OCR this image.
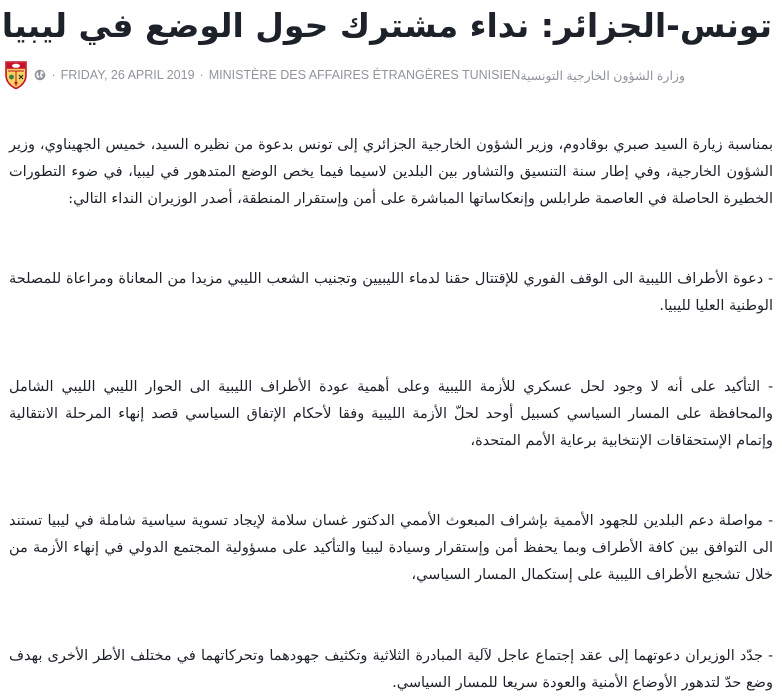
تونس-الجزائر: نداء مشترك حول الوضع في ليبيا
· FRIDAY, 26 APRIL 2019 · MINISTÈRE DES AFFAIRES ÉTRANGÈRES TUNISIEN وزارة الشؤون الخارجية التونسية

بمناسبة زيارة السيد صبري بوقادوم، وزير الشؤون الخارجية الجزائري إلى تونس بدعوة من نظيره السيد، خميس الجهيناوي، وزير الشؤون الخارجية، وفي إطار سنة التنسيق والتشاور بين البلدين لاسيما فيما يخص الوضع المتدهور في ليبيا، في ضوء التطورات الخطيرة الحاصلة في العاصمة طرابلس وإنعكاساتها المباشرة على أمن وإستقرار المنطقة، أصدر الوزيران النداء التالي:

- دعوة الأطراف الليبية الى الوقف الفوري للإقتتال حقنا لدماء الليبيين وتجنيب الشعب الليبي مزيدا من المعاناة ومراعاة للمصلحة الوطنية العليا لليبيا.

- التأكيد على أنه لا وجود لحل عسكري للأزمة الليبية وعلى أهمية عودة الأطراف الليبية الى الحوار الليبي الليبي الشامل والمحافظة على المسار السياسي كسبيل أوحد لحلّ الأزمة الليبية وفقا لأحكام الإتفاق السياسي قصد إنهاء المرحلة الانتقالية وإتمام الإستحقاقات الإنتخابية برعاية الأمم المتحدة،

- مواصلة دعم البلدين للجهود الأممية بإشراف المبعوث الأممي الدكتور غسان سلامة لإيجاد تسوية سياسية شاملة في ليبيا تستند الى التوافق بين كافة الأطراف وبما يحفظ أمن وإستقرار وسيادة ليبيا والتأكيد على مسؤولية المجتمع الدولي في إنهاء الأزمة من خلال تشجيع الأطراف الليبية على إستكمال المسار السياسي،

- جدّد الوزيران دعوتهما إلى عقد إجتماع عاجل لآلية المبادرة الثلاثية وتكثيف جهودهما وتحركاتهما في مختلف الأطر الأخرى بهدف وضع حدّ لتدهور الأوضاع الأمنية والعودة سريعا للمسار السياسي.
